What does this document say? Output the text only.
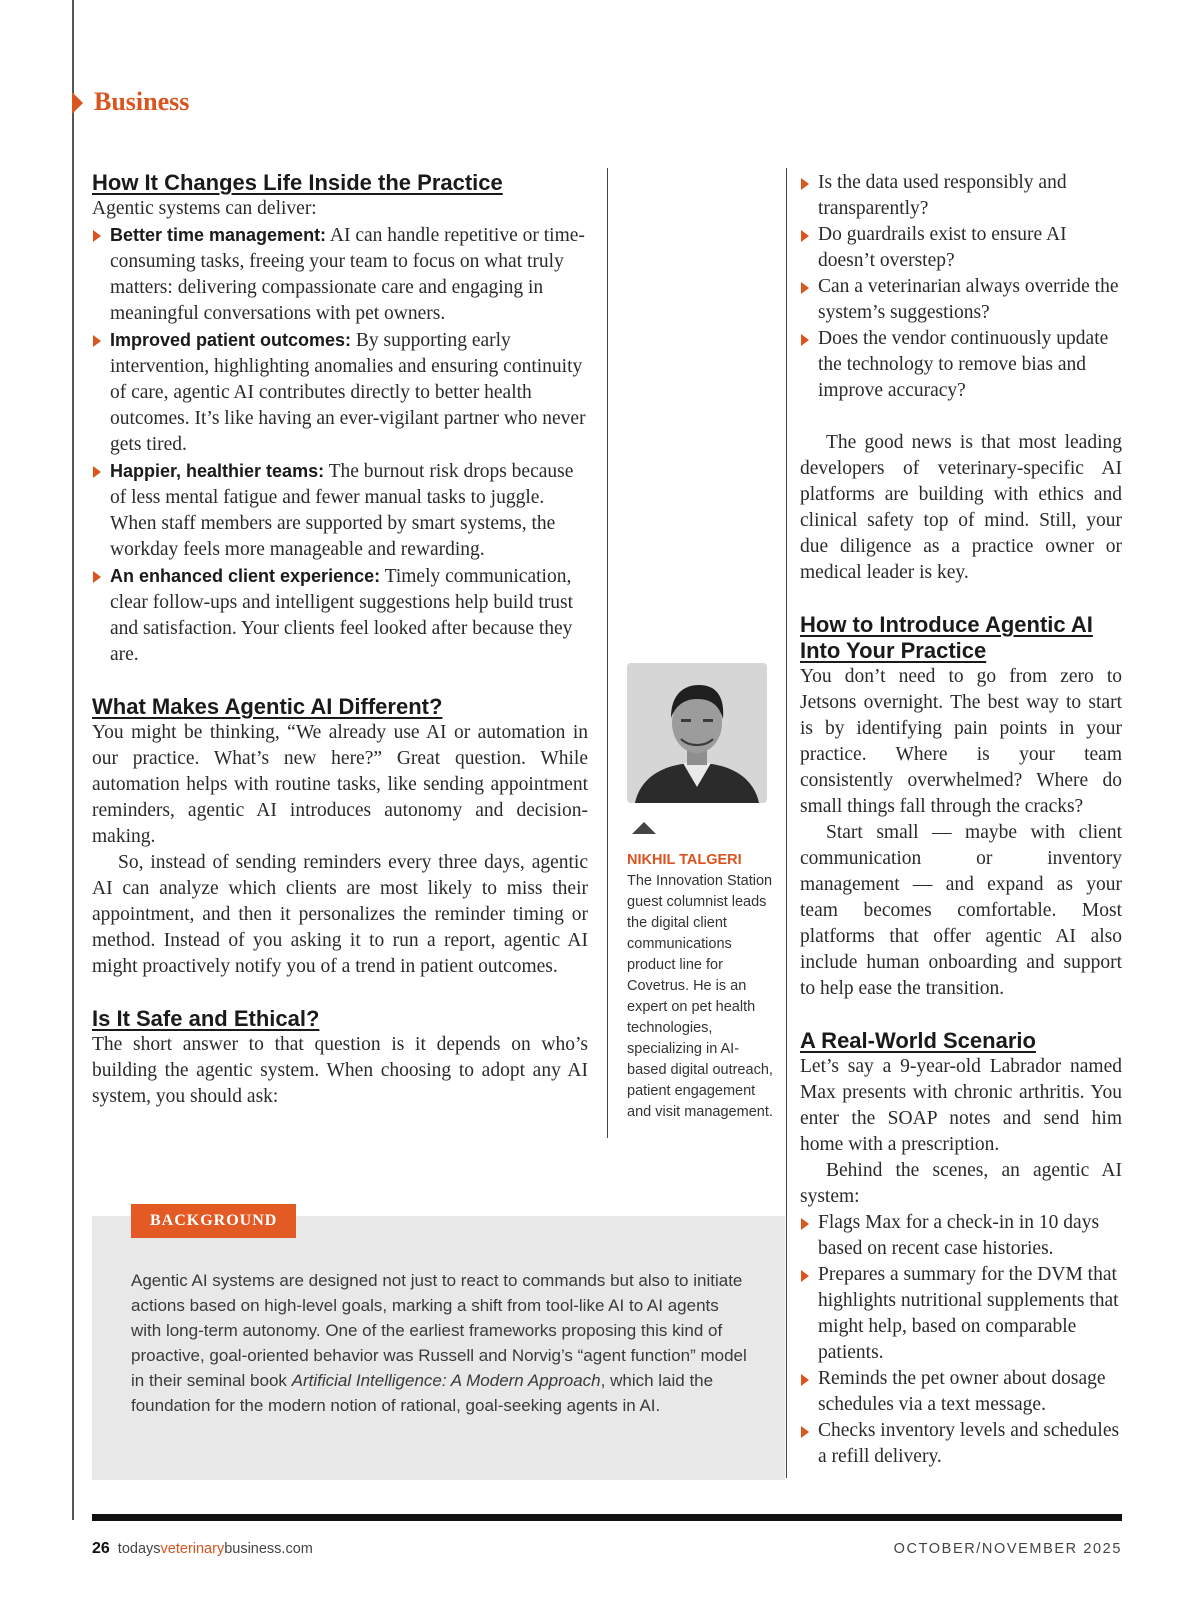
Business
How It Changes Life Inside the Practice

Agentic systems can deliver:

Better time management: AI can handle repetitive or time-consuming tasks, freeing your team to focus on what truly matters: delivering compassionate care and engaging in meaningful conversations with pet owners.
Improved patient outcomes: By supporting early intervention, highlighting anomalies and ensuring continuity of care, agentic AI contributes directly to better health outcomes. It’s like having an ever-vigilant partner who never gets tired.
Happier, healthier teams: The burnout risk drops because of less mental fatigue and fewer manual tasks to juggle. When staff members are supported by smart systems, the workday feels more manageable and rewarding.
An enhanced client experience: Timely communication, clear follow-ups and intelligent suggestions help build trust and satisfaction. Your clients feel looked after because they are.
What Makes Agentic AI Different?

You might be thinking, “We already use AI or automation in our practice. What’s new here?” Great question. While automation helps with routine tasks, like sending appointment reminders, agentic AI introduces autonomy and decision-making.

So, instead of sending reminders every three days, agentic AI can analyze which clients are most likely to miss their appointment, and then it personalizes the reminder timing or method. Instead of you asking it to run a report, agentic AI might proactively notify you of a trend in patient outcomes.

Is It Safe and Ethical?

The short answer to that question is it depends on who’s building the agentic system. When choosing to adopt any AI system, you should ask:

NIKHIL TALGERI
The Innovation Station guest columnist leads the digital client communications product line for Covetrus. He is an expert on pet health technologies, specializing in AI-based digital outreach, patient engagement and visit management.
Is the data used responsibly and transparently?
Do guardrails exist to ensure AI doesn’t overstep?
Can a veterinarian always override the system’s suggestions?
Does the vendor continuously update the technology to remove bias and improve accuracy?

The good news is that most leading developers of veterinary-specific AI platforms are building with ethics and clinical safety top of mind. Still, your due diligence as a practice owner or medical leader is key.

How to Introduce Agentic AI Into Your Practice

You don’t need to go from zero to Jetsons overnight. The best way to start is by identifying pain points in your practice. Where is your team consistently overwhelmed? Where do small things fall through the cracks?

Start small — maybe with client communication or inventory management — and expand as your team becomes comfortable. Most platforms that offer agentic AI also include human onboarding and support to help ease the transition.

A Real-World Scenario

Let’s say a 9-year-old Labrador named Max presents with chronic arthritis. You enter the SOAP notes and send him home with a prescription.

Behind the scenes, an agentic AI system:

Flags Max for a check-in in 10 days based on recent case histories.
Prepares a summary for the DVM that highlights nutritional supplements that might help, based on comparable patients.
Reminds the pet owner about dosage schedules via a text message.
Checks inventory levels and schedules a refill delivery.
BACKGROUND
Agentic AI systems are designed not just to react to commands but also to initiate actions based on high-level goals, marking a shift from tool-like AI to AI agents with long-term autonomy. One of the earliest frameworks proposing this kind of proactive, goal-oriented behavior was Russell and Norvig’s “agent function” model in their seminal book Artificial Intelligence: A Modern Approach, which laid the foundation for the modern notion of rational, goal-seeking agents in AI.
26 todaysveterinarybusiness.com	OCTOBER/NOVEMBER 2025
